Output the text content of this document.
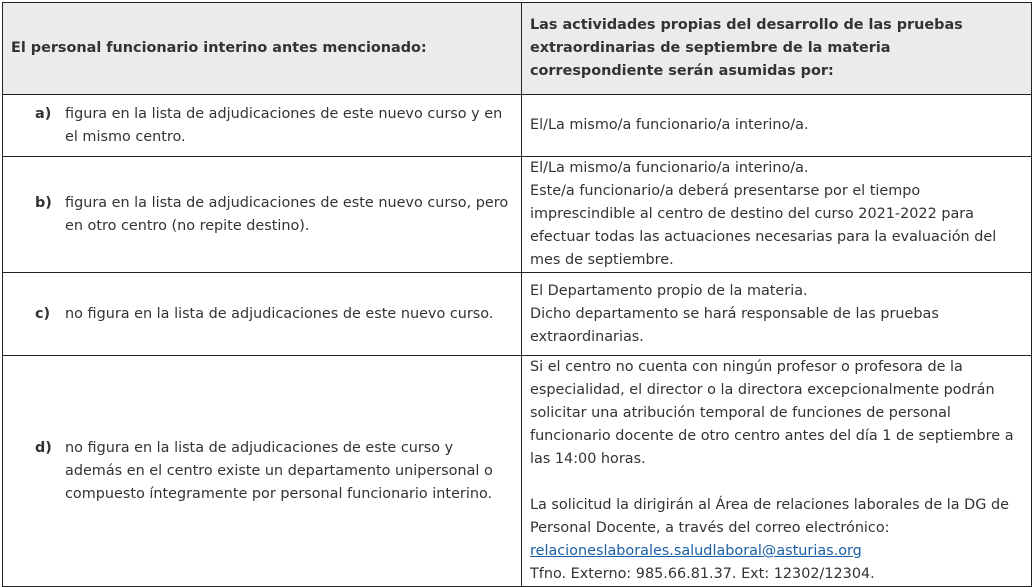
El personal funcionario interino antes mencionado:	Las actividades propias del desarrollo de las pruebas extraordinarias de septiembre de la materia correspondiente serán asumidas por:

a) figura en la lista de adjudicaciones de este nuevo curso y en el mismo centro.	El/La mismo/a funcionario/a interino/a.

b) figura en la lista de adjudicaciones de este nuevo curso, pero en otro centro (no repite destino).	El/La mismo/a funcionario/a interino/a.
Este/a funcionario/a deberá presentarse por el tiempo imprescindible al centro de destino del curso 2021-2022 para efectuar todas las actuaciones necesarias para la evaluación del mes de septiembre.

c) no figura en la lista de adjudicaciones de este nuevo curso.	El Departamento propio de la materia.
Dicho departamento se hará responsable de las pruebas extraordinarias.

d) no figura en la lista de adjudicaciones de este curso y además en el centro existe un departamento unipersonal o compuesto íntegramente por personal funcionario interino.	Si el centro no cuenta con ningún profesor o profesora de la especialidad, el director o la directora excepcionalmente podrán solicitar una atribución temporal de funciones de personal funcionario docente de otro centro antes del día 1 de septiembre a las 14:00 horas.
La solicitud la dirigirán al Área de relaciones laborales de la DG de Personal Docente, a través del correo electrónico:
relacioneslaborales.saludlaboral@asturias.org
Tfno. Externo: 985.66.81.37. Ext: 12302/12304.
